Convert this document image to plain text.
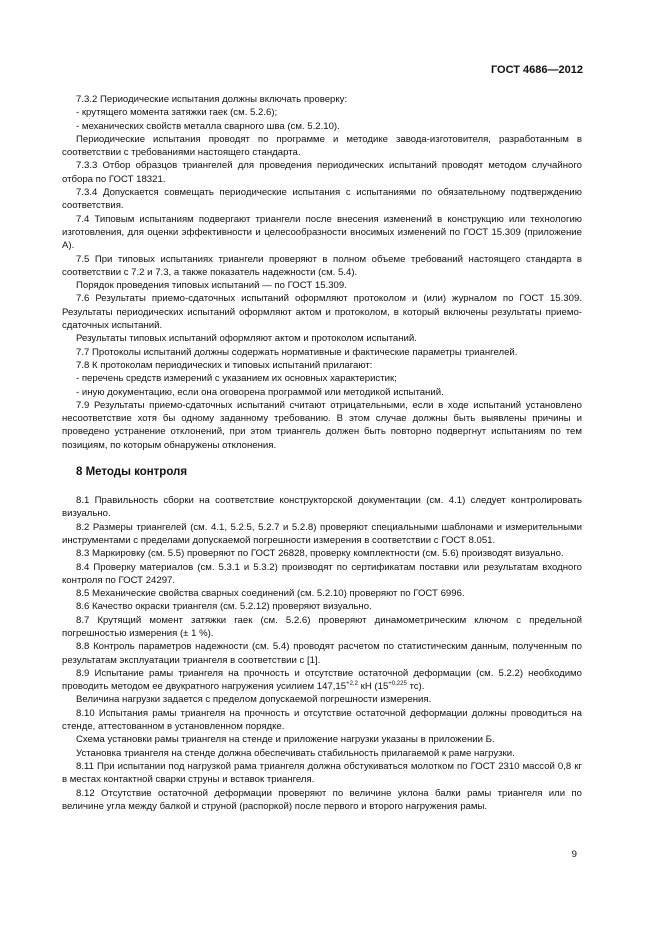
ГОСТ 4686—2012

7.3.2 Периодические испытания должны включать проверку:

- крутящего момента затяжки гаек (см. 5.2.6);

- механических свойств металла сварного шва (см. 5.2.10).

Периодические испытания проводят по программе и методике завода-изготовителя, разработанным в соответствии с требованиями настоящего стандарта.

7.3.3 Отбор образцов триангелей для проведения периодических испытаний проводят методом случайного отбора по ГОСТ 18321.

7.3.4 Допускается совмещать периодические испытания с испытаниями по обязательному подтверждению соответствия.

7.4 Типовым испытаниям подвергают триангели после внесения изменений в конструкцию или технологию изготовления, для оценки эффективности и целесообразности вносимых изменений по ГОСТ 15.309 (приложение А).

7.5 При типовых испытаниях триангели проверяют в полном объеме требований настоящего стандарта в соответствии с 7.2 и 7.3, а также показатель надежности (см. 5.4).

Порядок проведения типовых испытаний — по ГОСТ 15.309.

7.6 Результаты приемо-сдаточных испытаний оформляют протоколом и (или) журналом по ГОСТ 15.309. Результаты периодических испытаний оформляют актом и протоколом, в который включены результаты приемо-сдаточных испытаний.

Результаты типовых испытаний оформляют актом и протоколом испытаний.

7.7 Протоколы испытаний должны содержать нормативные и фактические параметры триангелей.

7.8 К протоколам периодических и типовых испытаний прилагают:

- перечень средств измерений с указанием их основных характеристик;

- иную документацию, если она оговорена программой или методикой испытаний.

7.9 Результаты приемо-сдаточных испытаний считают отрицательными, если в ходе испытаний установлено несоответствие хотя бы одному заданному требованию. В этом случае должны быть выявлены причины и проведено устранение отклонений, при этом триангель должен быть повторно подвергнут испытаниям по тем позициям, по которым обнаружены отклонения.

8 Методы контроля

8.1 Правильность сборки на соответствие конструкторской документации (см. 4.1) следует контролировать визуально.

8.2 Размеры триангелей (см. 4.1, 5.2.5, 5.2.7 и 5.2.8) проверяют специальными шаблонами и измерительными инструментами с пределами допускаемой погрешности измерения в соответствии с ГОСТ 8.051.

8.3 Маркировку (см. 5.5) проверяют по ГОСТ 26828, проверку комплектности (см. 5.6) производят визуально.

8.4 Проверку материалов (см. 5.3.1 и 5.3.2) производят по сертификатам поставки или результатам входного контроля по ГОСТ 24297.

8.5 Механические свойства сварных соединений (см. 5.2.10) проверяют по ГОСТ 6996.

8.6 Качество окраски триангеля (см. 5.2.12) проверяют визуально.

8.7 Крутящий момент затяжки гаек (см. 5.2.6) проверяют динамометрическим ключом с предельной погрешностью измерения (± 1 %).

8.8 Контроль параметров надежности (см. 5.4) проводят расчетом по статистическим данным, полученным по результатам эксплуатации триангеля в соответствии с [1].

8.9 Испытание рамы триангеля на прочность и отсутствие остаточной деформации (см. 5.2.2) необходимо проводить методом ее двукратного нагружения усилием $147,15^{+2,2}$ кН ($15^{+0,225}$ тс).

Величина нагрузки задается с пределом допускаемой погрешности измерения.

8.10 Испытания рамы триангеля на прочность и отсутствие остаточной деформации должны проводиться на стенде, аттестованном в установленном порядке.

Схема установки рамы триангеля на стенде и приложение нагрузки указаны в приложении Б.

Установка триангеля на стенде должна обеспечивать стабильность прилагаемой к раме нагрузки.

8.11 При испытании под нагрузкой рама триангеля должна обстукиваться молотком по ГОСТ 2310 массой 0,8 кг в местах контактной сварки струны и вставок триангеля.

8.12 Отсутствие остаточной деформации проверяют по величине уклона балки рамы триангеля или по величине угла между балкой и струной (распоркой) после первого и второго нагружения рамы.

9
